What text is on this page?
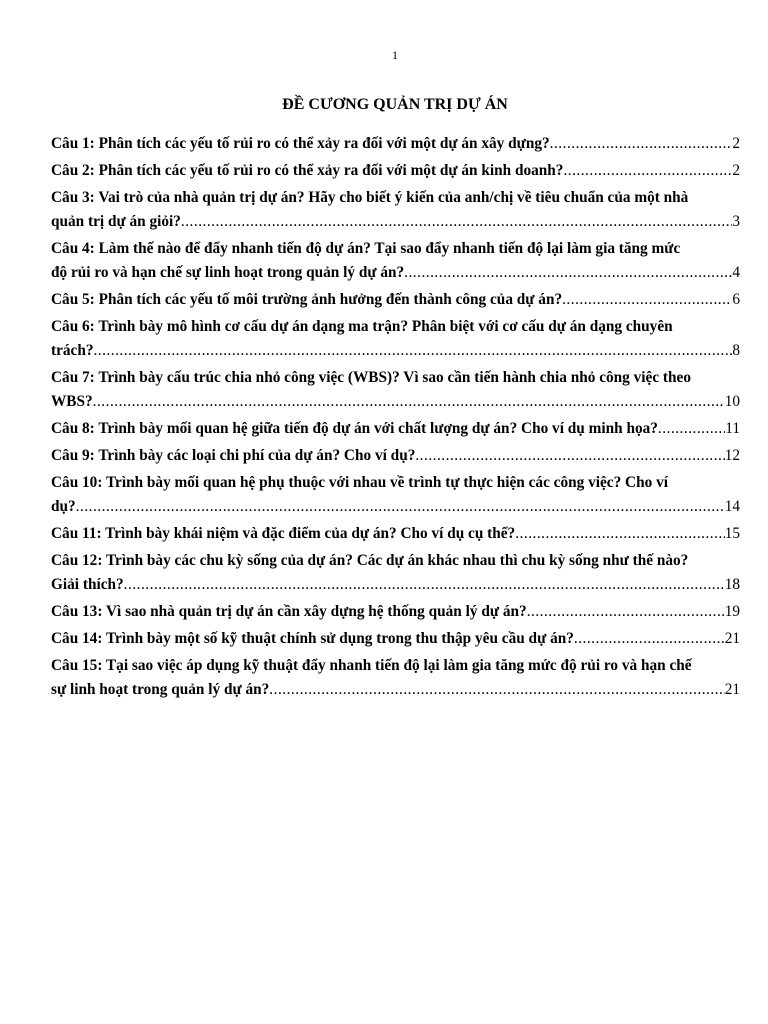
1
ĐỀ CƯƠNG QUẢN TRỊ DỰ ÁN
Câu 1: Phân tích các yếu tố rủi ro có thể xảy ra đối với một dự án xây dựng? .....	2
Câu 2: Phân tích các yếu tố rủi ro có thể xảy ra đối với một dự án kinh doanh? .....	2
Câu 3: Vai trò của nhà quản trị dự án? Hãy cho biết ý kiến của anh/chị về tiêu chuẩn của một nhà
quản trị dự án giỏi? .....	3
Câu 4: Làm thế nào để đẩy nhanh tiến độ dự án? Tại sao đẩy nhanh tiến độ lại làm gia tăng mức
độ rủi ro và hạn chế sự linh hoạt trong quản lý dự án? .....	4
Câu 5: Phân tích các yếu tố môi trường ảnh hưởng đến thành công của dự án? .....	6
Câu 6: Trình bày mô hình cơ cấu dự án dạng ma trận? Phân biệt với cơ cấu dự án dạng chuyên
trách? .....	8
Câu 7: Trình bày cấu trúc chia nhỏ công việc (WBS)? Vì sao cần tiến hành chia nhỏ công việc theo
WBS? .....	10
Câu 8: Trình bày mối quan hệ giữa tiến độ dự án với chất lượng dự án? Cho ví dụ minh họa? .....	11
Câu 9: Trình bày các loại chi phí của dự án? Cho ví dụ? .....	12
Câu 10: Trình bày mối quan hệ phụ thuộc với nhau về trình tự thực hiện các công việc? Cho ví
dụ? .....	14
Câu 11: Trình bày khái niệm và đặc điểm của dự án? Cho ví dụ cụ thể? .....	15
Câu 12: Trình bày các chu kỳ sống của dự án? Các dự án khác nhau thì chu kỳ sống như thế nào?
Giải thích? .....	18
Câu 13: Vì sao nhà quản trị dự án cần xây dựng hệ thống quản lý dự án? .....	19
Câu 14: Trình bày một số kỹ thuật chính sử dụng trong thu thập yêu cầu dự án? .....	21
Câu 15: Tại sao việc áp dụng kỹ thuật đẩy nhanh tiến độ lại làm gia tăng mức độ rủi ro và hạn chế
sự linh hoạt trong quản lý dự án? .....	21
